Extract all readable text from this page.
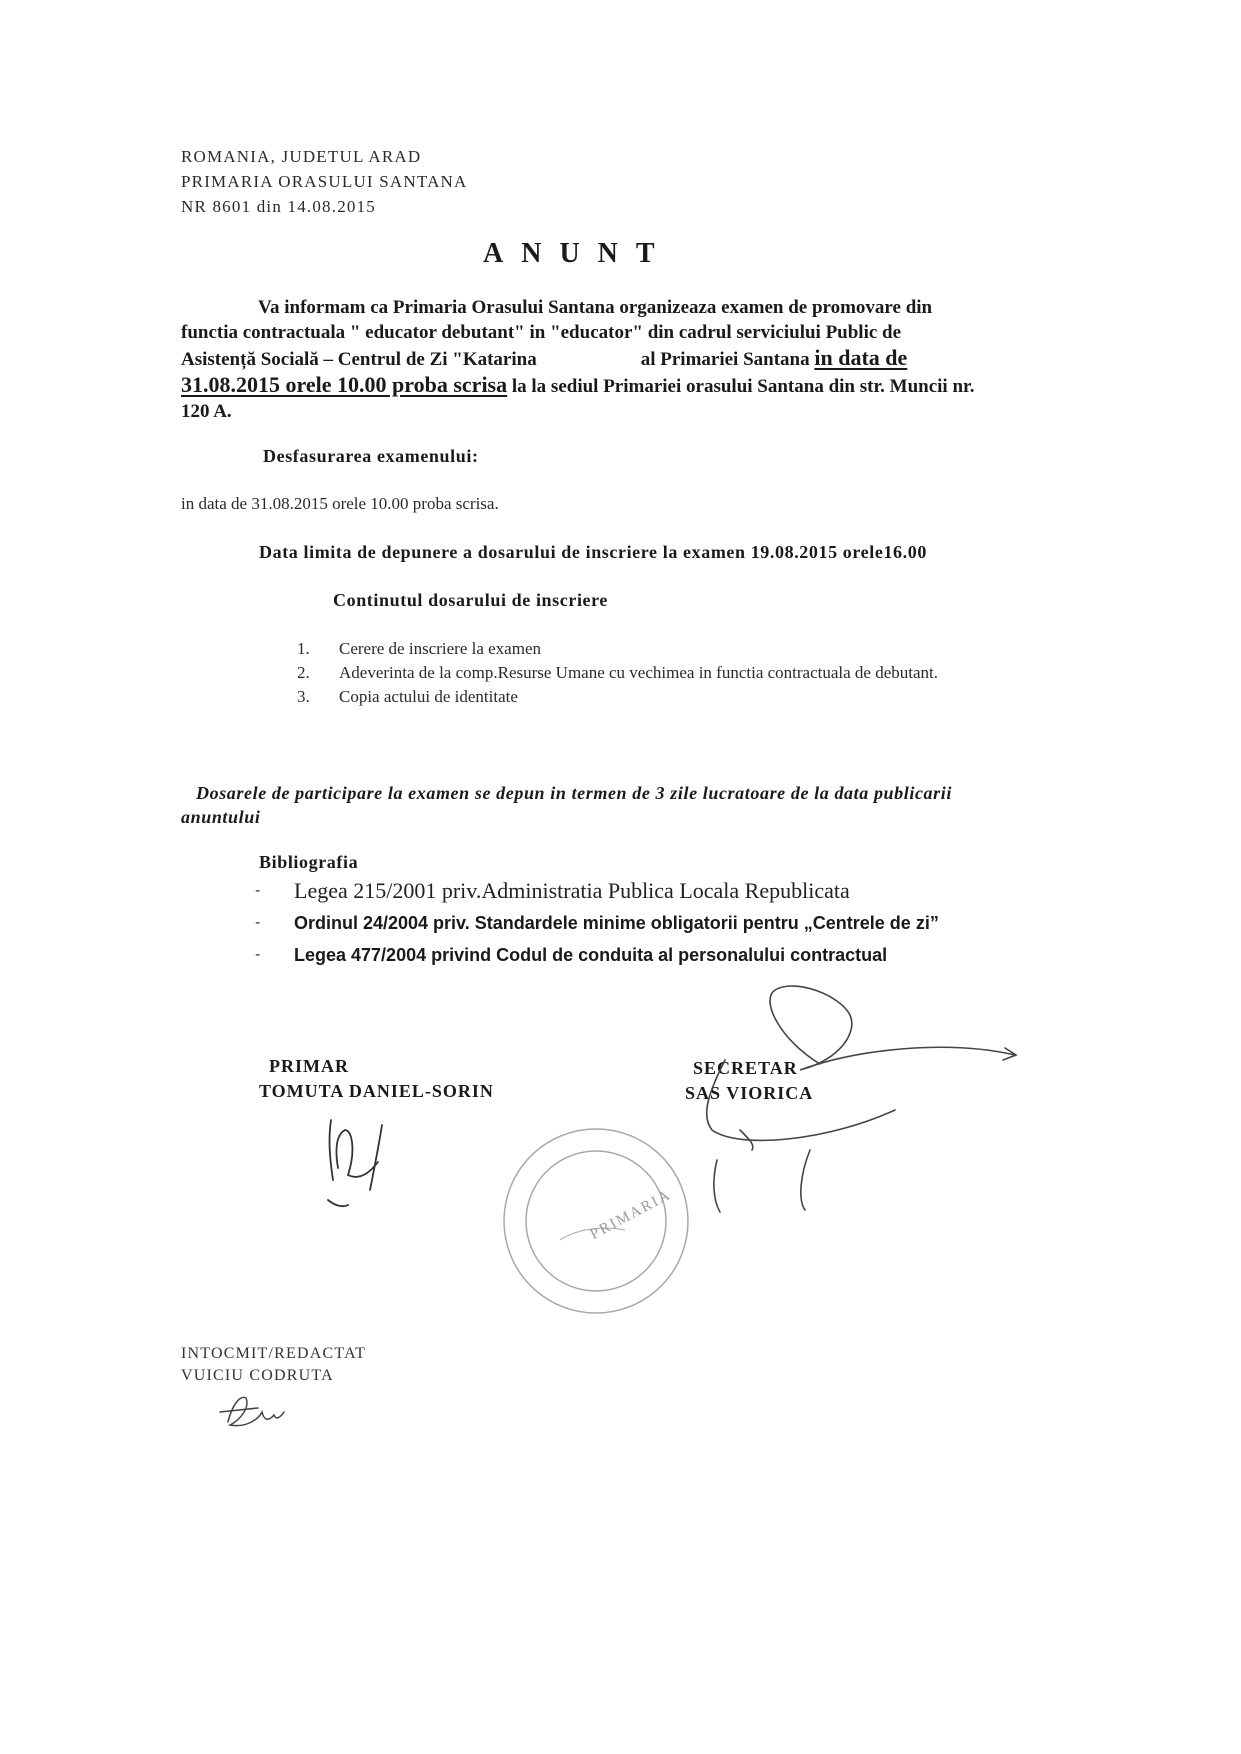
ROMANIA, JUDETUL ARAD
PRIMARIA ORASULUI SANTANA
NR 8601 din 14.08.2015
ANUNT
Va informam ca Primaria Orasului Santana organizeaza examen de promovare din
functia contractuala " educator debutant" in "educator" din cadrul serviciului Public de
Asistență Socială – Centrul de Zi "Katarina	al Primariei Santana in data de
31.08.2015 orele 10.00 proba scrisa la la sediul Primariei orasului Santana din str. Muncii nr.
120 A.
Desfasurarea examenului:
in data de 31.08.2015 orele 10.00 proba scrisa.
Data limita de depunere a dosarului de inscriere la examen 19.08.2015 orele16.00
Continutul dosarului de inscriere
1. Cerere de inscriere la examen
2. Adeverinta de la comp.Resurse Umane cu vechimea in functia contractuala de debutant.
3. Copia actului de identitate
Dosarele de participare la examen se depun in termen de 3 zile lucratoare de la data publicarii
anuntului
Bibliografia
- Legea 215/2001 priv.Administratia Publica Locala Republicata
- Ordinul 24/2004 priv. Standardele minime obligatorii pentru „Centrele de zi”
- Legea 477/2004 privind Codul de conduita al personalului contractual
PRIMAR
TOMUTA DANIEL-SORIN
SECRETAR
SAS VIORICA
PRIMARIA
INTOCMIT/REDACTAT
VUICIU CODRUTA
